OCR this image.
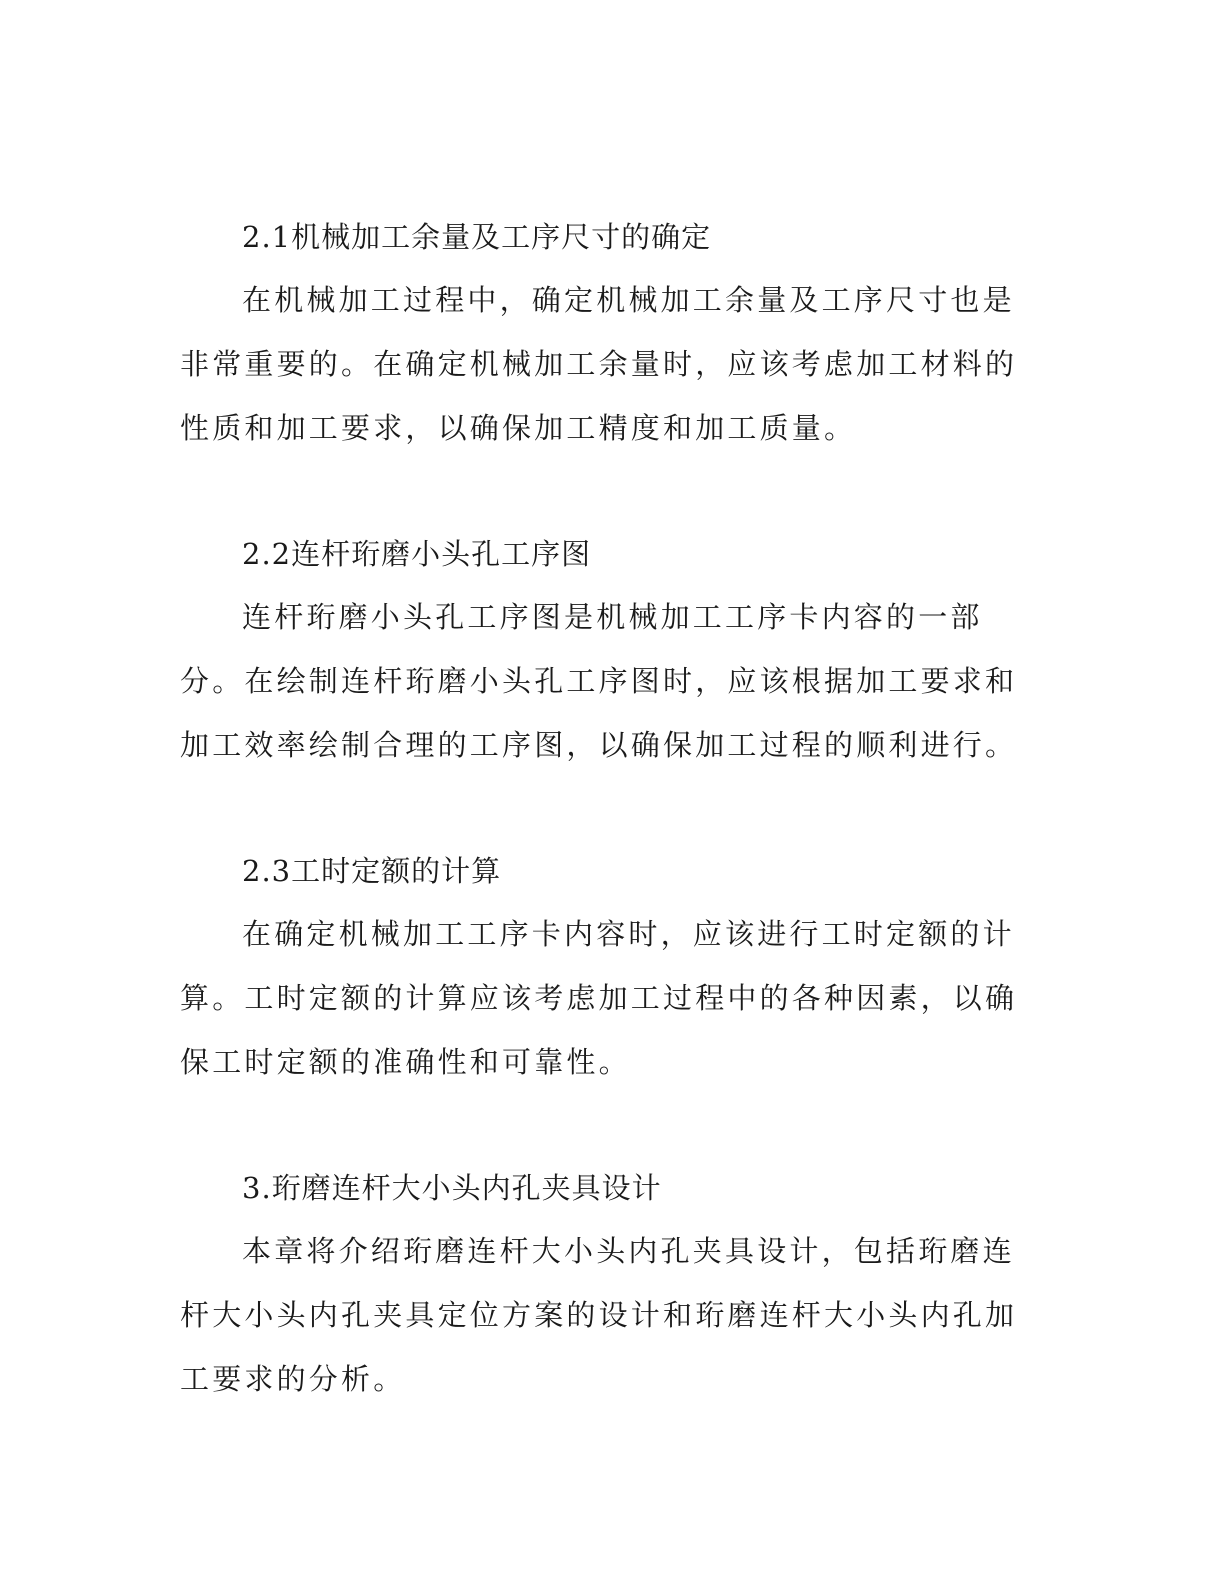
2.1机械加工余量及工序尺寸的确定

在机械加工过程中，确定机械加工余量及工序尺寸也是非常重要的。在确定机械加工余量时，应该考虑加工材料的性质和加工要求，以确保加工精度和加工质量。

2.2连杆珩磨小头孔工序图

连杆珩磨小头孔工序图是机械加工工序卡内容的一部分。在绘制连杆珩磨小头孔工序图时，应该根据加工要求和加工效率绘制合理的工序图，以确保加工过程的顺利进行。

2.3工时定额的计算

在确定机械加工工序卡内容时，应该进行工时定额的计算。工时定额的计算应该考虑加工过程中的各种因素，以确保工时定额的准确性和可靠性。

3.珩磨连杆大小头内孔夹具设计

本章将介绍珩磨连杆大小头内孔夹具设计，包括珩磨连杆大小头内孔夹具定位方案的设计和珩磨连杆大小头内孔加工要求的分析。
